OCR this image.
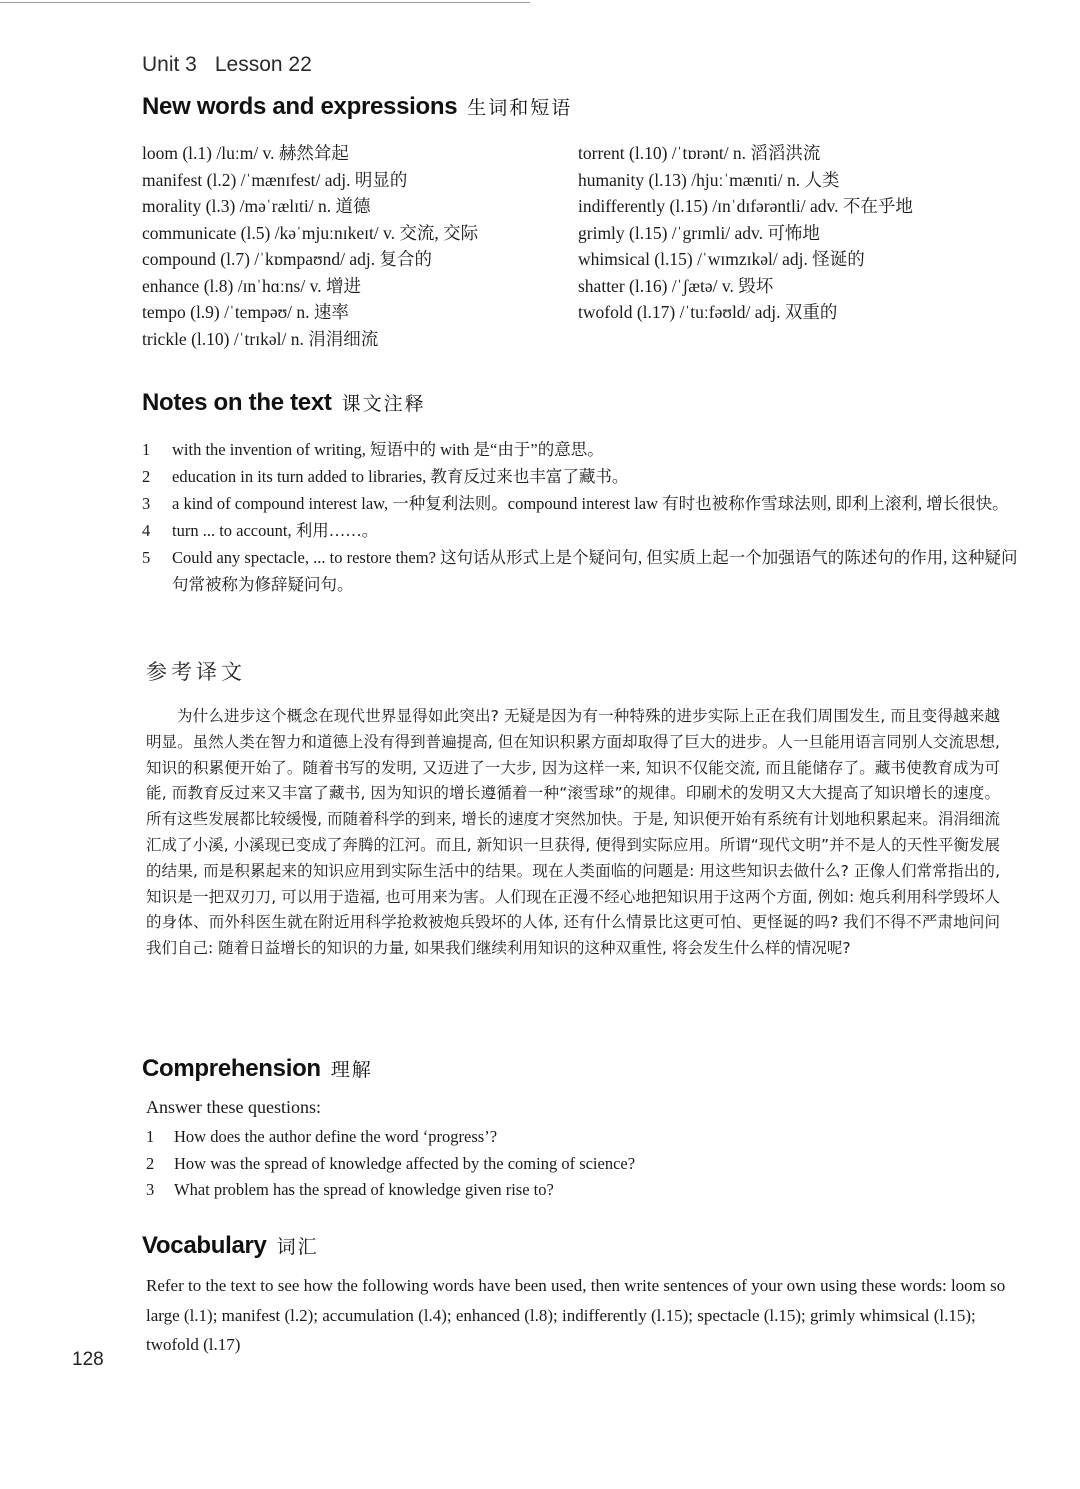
Unit 3 Lesson 22
New words and expressions 生词和短语
loom (l.1) /luːm/ v. 赫然耸起
manifest (l.2) /ˈmænɪfest/ adj. 明显的
morality (l.3) /məˈrælɪti/ n. 道德
communicate (l.5) /kəˈmjuːnɪkeɪt/ v. 交流, 交际
compound (l.7) /ˈkɒmpaʊnd/ adj. 复合的
enhance (l.8) /ɪnˈhɑːns/ v. 增进
tempo (l.9) /ˈtempəʊ/ n. 速率
trickle (l.10) /ˈtrɪkəl/ n. 涓涓细流
torrent (l.10) /ˈtɒrənt/ n. 滔滔洪流
humanity (l.13) /hjuːˈmænɪti/ n. 人类
indifferently (l.15) /ɪnˈdɪfərəntli/ adv. 不在乎地
grimly (l.15) /ˈgrɪmli/ adv. 可怖地
whimsical (l.15) /ˈwɪmzɪkəl/ adj. 怪诞的
shatter (l.16) /ˈʃætə/ v. 毁坏
twofold (l.17) /ˈtuːfəʊld/ adj. 双重的
Notes on the text 课文注释
1 with the invention of writing, 短语中的 with 是“由于”的意思。
2 education in its turn added to libraries, 教育反过来也丰富了藏书。
3 a kind of compound interest law, 一种复利法则。compound interest law 有时也被称作雪球法则, 即利上滚利, 增长很快。
4 turn ... to account, 利用……。
5 Could any spectacle, ... to restore them? 这句话从形式上是个疑问句, 但实质上起一个加强语气的陈述句的作用, 这种疑问句常被称为修辞疑问句。
参考译文

为什么进步这个概念在现代世界显得如此突出? 无疑是因为有一种特殊的进步实际上正在我们周围发生, 而且变得越来越明显。虽然人类在智力和道德上没有得到普遍提高, 但在知识积累方面却取得了巨大的进步。人一旦能用语言同别人交流思想, 知识的积累便开始了。随着书写的发明, 又迈进了一大步, 因为这样一来, 知识不仅能交流, 而且能储存了。藏书使教育成为可能, 而教育反过来又丰富了藏书, 因为知识的增长遵循着一种“滚雪球”的规律。印刷术的发明又大大提高了知识增长的速度。所有这些发展都比较缓慢, 而随着科学的到来, 增长的速度才突然加快。于是, 知识便开始有系统有计划地积累起来。涓涓细流汇成了小溪, 小溪现已变成了奔腾的江河。而且, 新知识一旦获得, 便得到实际应用。所谓“现代文明”并不是人的天性平衡发展的结果, 而是积累起来的知识应用到实际生活中的结果。现在人类面临的问题是: 用这些知识去做什么? 正像人们常常指出的, 知识是一把双刃刀, 可以用于造福, 也可用来为害。人们现在正漫不经心地把知识用于这两个方面, 例如: 炮兵利用科学毁坏人的身体、而外科医生就在附近用科学抢救被炮兵毁坏的人体, 还有什么情景比这更可怕、更怪诞的吗? 我们不得不严肃地问问我们自己: 随着日益增长的知识的力量, 如果我们继续利用知识的这种双重性, 将会发生什么样的情况呢?

Comprehension 理解

Answer these questions:

1 How does the author define the word ‘progress’?
2 How was the spread of knowledge affected by the coming of science?
3 What problem has the spread of knowledge given rise to?
Vocabulary 词汇

Refer to the text to see how the following words have been used, then write sentences of your own using these words: loom so large (l.1); manifest (l.2); accumulation (l.4); enhanced (l.8); indifferently (l.15); spectacle (l.15); grimly whimsical (l.15); twofold (l.17)

128
